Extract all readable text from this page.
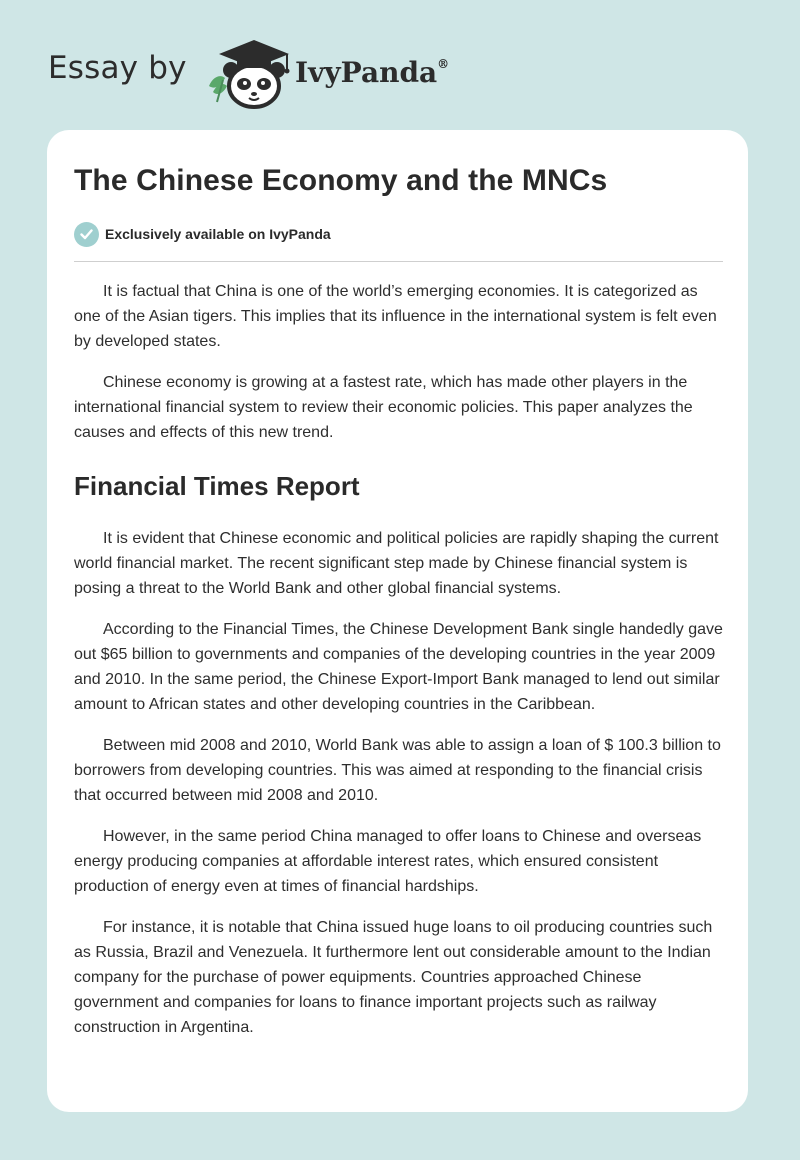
Essay by	IvyPanda®
The Chinese Economy and the MNCs
Exclusively available on IvyPanda

It is factual that China is one of the world’s emerging economies. It is categorized as one of the Asian tigers. This implies that its influence in the international system is felt even by developed states.

Chinese economy is growing at a fastest rate, which has made other players in the international financial system to review their economic policies. This paper analyzes the causes and effects of this new trend.

Financial Times Report

It is evident that Chinese economic and political policies are rapidly shaping the current world financial market. The recent significant step made by Chinese financial system is posing a threat to the World Bank and other global financial systems.

According to the Financial Times, the Chinese Development Bank single handedly gave out $65 billion to governments and companies of the developing countries in the year 2009 and 2010. In the same period, the Chinese Export-Import Bank managed to lend out similar amount to African states and other developing countries in the Caribbean.

Between mid 2008 and 2010, World Bank was able to assign a loan of $ 100.3 billion to borrowers from developing countries. This was aimed at responding to the financial crisis that occurred between mid 2008 and 2010.

However, in the same period China managed to offer loans to Chinese and overseas energy producing companies at affordable interest rates, which ensured consistent production of energy even at times of financial hardships.

For instance, it is notable that China issued huge loans to oil producing countries such as Russia, Brazil and Venezuela. It furthermore lent out considerable amount to the Indian company for the purchase of power equipments. Countries approached Chinese government and companies for loans to finance important projects such as railway construction in Argentina.
